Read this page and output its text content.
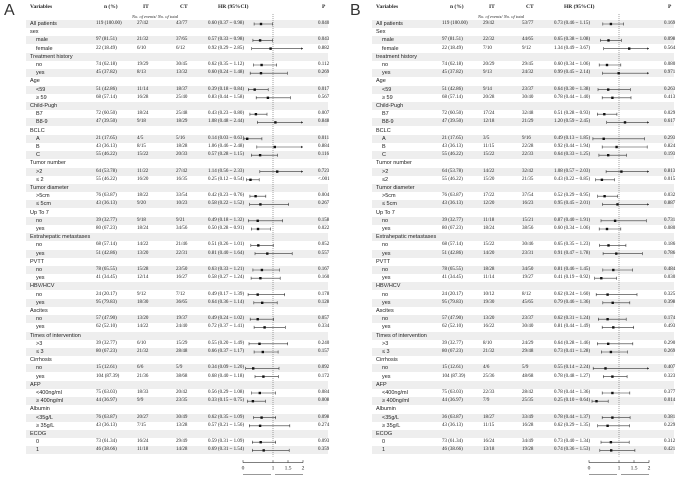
A	Variables	n (%)	IT	CT	HR (95%CI)	P
No. of events/ No. of total
All patients	119 (100.00)	27/42	43/77	0.60 (0.37 ~ 0.98)	0.040
sex
male	97 (81.51)	21/32	37/65	0.57 (0.33 ~ 0.98)	0.043
female	22 (18.49)	6/10	6/12	0.92 (0.29 ~ 2.85)	0.882
Treatment history
no	74 (62.18)	19/29	30/45	0.62 (0.35 ~ 1.12)	0.112
yes	45 (37.82)	8/13	13/32	0.60 (0.24 ~ 1.48)	0.269
Age
<59	51 (42.86)	11/14	18/37	0.39 (0.18 ~ 0.84)	0.017
≥ 59	68 (57.14)	16/28	25/40	0.83 (0.44 ~ 1.58)	0.567
Child-Pugh
B7	72 (60.50)	18/24	25/48	0.43 (0.23 ~ 0.80)	0.007
B8-9	47 (39.50)	9/18	18/29	1.08 (0.48 ~ 2.44)	0.848
BCLC
A	21 (17.65)	4/5	5/16	0.14 (0.03 ~ 0.63)	0.011
B	43 (36.13)	8/15	18/28	1.06 (0.46 ~ 2.48)	0.884
C	55 (46.22)	15/22	20/33	0.57 (0.28 ~ 1.15)	0.116
Tumor number
>2	64 (53.78)	11/22	27/42	1.14 (0.56 ~ 2.33)	0.723
≤ 2	55 (46.22)	16/20	16/35	0.25 (0.12 ~ 0.54)	<.001
Tumor diameter
>5cm	76 (63.87)	18/22	33/54	0.42 (0.23 ~ 0.76)	0.004
≤ 5cm	43 (36.13)	9/20	10/23	0.58 (0.22 ~ 1.52)	0.267
Up To 7
no	39 (32.77)	9/18	9/21	0.49 (0.18 ~ 1.32)	0.158
yes	80 (67.23)	18/24	34/56	0.50 (0.28 ~ 0.91)	0.022
Extrahepatic metastases
no	68 (57.14)	14/22	21/46	0.51 (0.26 ~ 1.01)	0.052
yes	51 (42.86)	13/20	22/31	0.81 (0.40 ~ 1.64)	0.557
PVTT
no	78 (65.55)	15/28	23/50	0.63 (0.33 ~ 1.21)	0.167
yes	41 (34.45)	12/14	16/27	0.58 (0.27 ~ 1.24)	0.160
HBV/HCV
no	24 (20.17)	9/12	7/12	0.49 (0.17 ~ 1.39)	0.178
yes	95 (79.83)	18/30	36/65	0.64 (0.36 ~ 1.14)	0.128
Ascites
no	57 (47.90)	13/20	19/37	0.49 (0.24 ~ 1.02)	0.057
yes	62 (52.10)	14/22	24/40	0.72 (0.37 ~ 1.41)	0.334
Times of intervention
>3	39 (32.77)	6/10	15/29	0.55 (0.20 ~ 1.49)	0.240
≤ 3	80 (67.23)	21/32	28/48	0.66 (0.37 ~ 1.17)	0.157
Cirrhosis
no	15 (12.61)	6/6	5/9	0.34 (0.09 ~ 1.20)	0.092
yes	104 (87.39)	21/36	38/68	0.68 (0.40 ~ 1.18)	0.172
AFP
<400ng/ml	75 (63.03)	18/33	20/42	0.56 (0.29 ~ 1.08)	0.084
≥ 400ng/ml	44 (36.97)	9/9	23/35	0.33 (0.15 ~ 0.75)	0.008
Albumin
<35g/L	76 (63.87)	20/27	30/49	0.62 (0.35 ~ 1.09)	0.098
≥ 35g/L	43 (36.13)	7/15	13/28	0.57 (0.21 ~ 1.56)	0.274
ECOG
0	73 (61.34)	16/24	29/49	0.59 (0.31 ~ 1.09)	0.093
1	46 (38.66)	11/18	14/28	0.69 (0.31 ~ 1.54)	0.359
0	1 1.5 2
B	Variables	n (%)	IT	CT	HR (95%CI)	P
No. of events/ No. of total
All patients	119 (100.00)	29/42	53/77	0.73 (0.46 ~ 1.15)	0.169
Sex
male	97 (81.51)	22/32	44/65	0.65 (0.38 ~ 1.08)	0.098
female	22 (18.49)	7/10	9/12	1.34 (0.49 ~ 3.67)	0.564
treatment history
no	74 (62.18)	20/29	29/45	0.60 (0.34 ~ 1.06)	0.080
yes	45 (37.82)	9/13	24/32	0.99 (0.45 ~ 2.14)	0.971
Age
<59	51 (42.86)	9/14	23/37	0.64 (0.30 ~ 1.38)	0.263
≥ 59	68 (57.14)	20/28	30/40	0.78 (0.44 ~ 1.40)	0.413
Child-Pugh
B7	72 (60.50)	17/24	32/48	0.51 (0.28 ~ 0.93)	0.029
B8-9	47 (39.50)	12/18	21/29	1.20 (0.59 ~ 2.45)	0.617
BCLC
A	21 (17.65)	3/5	9/16	0.49 (0.13 ~ 1.85)	0.293
B	43 (36.13)	11/15	22/28	0.92 (0.44 ~ 1.94)	0.824
C	55 (46.22)	15/22	22/33	0.64 (0.33 ~ 1.25)	0.193
Tumor number
>2	64 (53.78)	14/22	32/42	1.08 (0.57 ~ 2.03)	0.813
≤2	55 (46.22)	15/20	21/35	0.43 (0.22 ~ 0.85)	0.015
Tumor diameter
>5cm	76 (63.87)	17/22	37/54	0.52 (0.29 ~ 0.95)	0.032
≤ 5cm	43 (36.13)	12/20	16/23	0.95 (0.45 ~ 2.01)	0.887
Up To 7
no	39 (32.77)	11/18	15/21	0.87 (0.40 ~ 1.91)	0.731
yes	80 (67.23)	18/24	38/56	0.60 (0.34 ~ 1.06)	0.080
Extrahepatic metastases
no	68 (57.14)	15/22	30/46	0.65 (0.35 ~ 1.23)	0.186
yes	51 (42.86)	14/20	23/31	0.91 (0.47 ~ 1.78)	0.786
PVTT
no	78 (65.55)	18/28	34/50	0.81 (0.46 ~ 1.45)	0.484
yes	41 (34.45)	11/14	19/27	0.41 (0.19 ~ 0.92)	0.030
HBV/HCV
no	24 (20.17)	10/12	8/12	0.62 (0.24 ~ 1.60)	0.325
yes	95 (79.83)	19/30	45/65	0.79 (0.46 ~ 1.36)	0.398
Ascites
no	57 (47.90)	13/20	23/37	0.62 (0.31 ~ 1.24)	0.174
yes	62 (52.10)	16/22	30/40	0.81 (0.44 ~ 1.49)	0.493
Times of intervention
>3	39 (32.77)	8/10	24/29	0.64 (0.28 ~ 1.46)	0.290
≤ 3	80 (67.23)	21/32	29/48	0.73 (0.41 ~ 1.28)	0.269
Cirrhosis
no	15 (12.61)	4/6	5/9	0.55 (0.14 ~ 2.24)	0.407
yes	104 (87.39)	25/36	48/68	0.78 (0.48 ~ 1.27)	0.323
AFP
<400ng/ml	75 (63.03)	22/33	28/42	0.78 (0.44 ~ 1.36)	0.377
≥ 400ng/ml	44 (36.97)	7/9	25/35	0.25 (0.10 ~ 0.64)	0.014
Albumin
<35g/L	36 (63.87)	18/27	33/49	0.78 (0.44 ~ 1.37)	0.381
≥ 35g/L	43 (36.13)	11/15	16/28	0.62 (0.29 ~ 1.35)	0.229
ECOG
0	73 (61.34)	16/24	34/49	0.73 (0.40 ~ 1.34)	0.312
1	46 (38.66)	13/18	19/28	0.74 (0.36 ~ 1.53)	0.421
0	1 1.5 2
